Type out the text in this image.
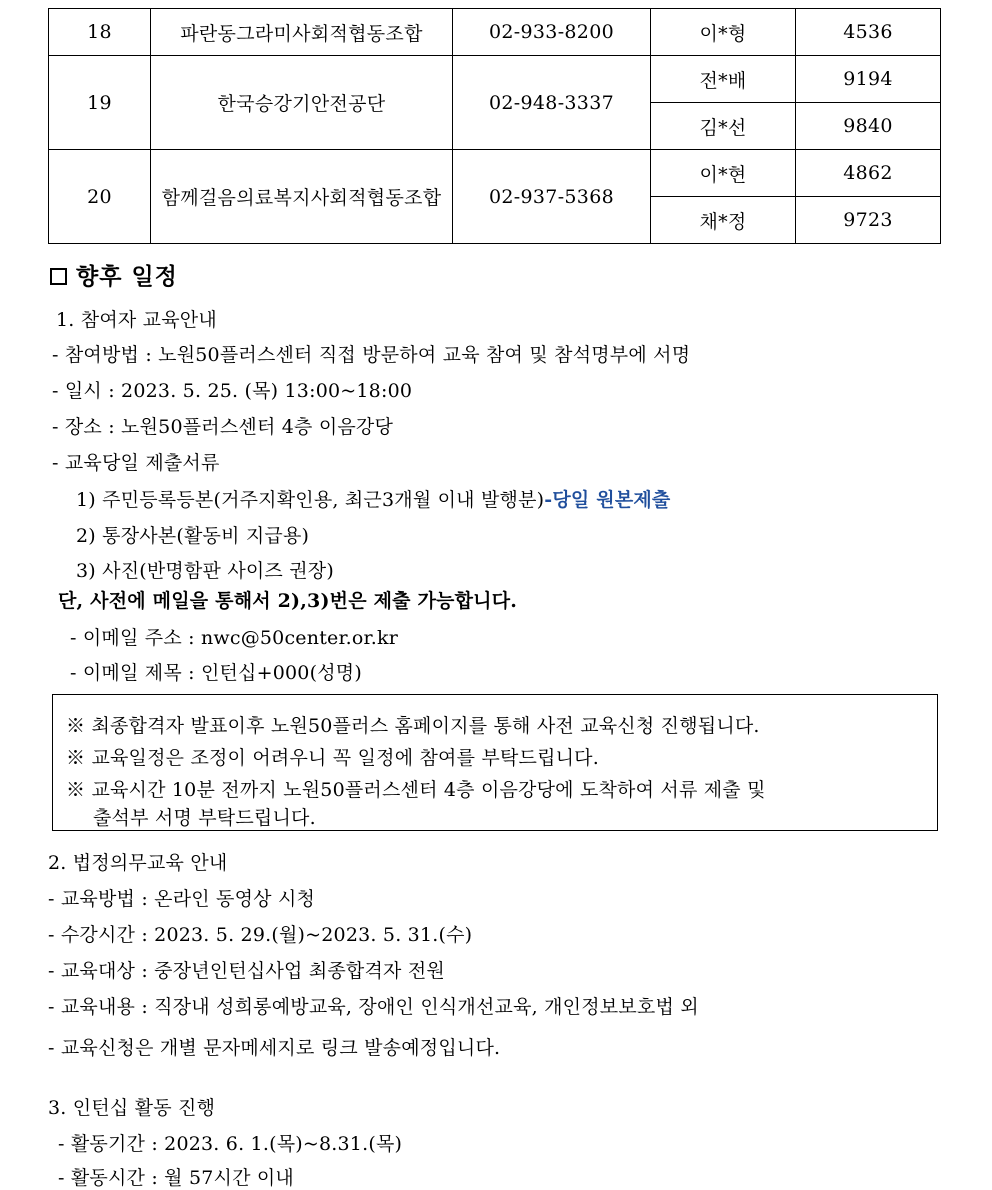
18	파란동그라미사회적협동조합	02-933-8200	이*형	4536
19	한국승강기안전공단	02-948-3337	전*배	9194
			김*선	9840
20	함께걸음의료복지사회적협동조합	02-937-5368	이*현	4862
			채*정	9723
향후 일정
1. 참여자 교육안내
- 참여방법 : 노원50플러스센터 직접 방문하여 교육 참여 및 참석명부에 서명
- 일시 : 2023. 5. 25. (목) 13:00~18:00
- 장소 : 노원50플러스센터 4층 이음강당
- 교육당일 제출서류
1) 주민등록등본(거주지확인용, 최근3개월 이내 발행분)-당일 원본제출
2) 통장사본(활동비 지급용)
3) 사진(반명함판 사이즈 권장)
단, 사전에 메일을 통해서 2),3)번은 제출 가능합니다.
- 이메일 주소 : nwc@50center.or.kr
- 이메일 제목 : 인턴십+000(성명)
※ 최종합격자 발표이후 노원50플러스 홈페이지를 통해 사전 교육신청 진행됩니다.
※ 교육일정은 조정이 어려우니 꼭 일정에 참여를 부탁드립니다.
※ 교육시간 10분 전까지 노원50플러스센터 4층 이음강당에 도착하여 서류 제출 및
출석부 서명 부탁드립니다.
2. 법정의무교육 안내
- 교육방법 : 온라인 동영상 시청
- 수강시간 : 2023. 5. 29.(월)~2023. 5. 31.(수)
- 교육대상 : 중장년인턴십사업 최종합격자 전원
- 교육내용 : 직장내 성희롱예방교육, 장애인 인식개선교육, 개인정보보호법 외
- 교육신청은 개별 문자메세지로 링크 발송예정입니다.
3. 인턴십 활동 진행
- 활동기간 : 2023. 6. 1.(목)~8.31.(목)
- 활동시간 : 월 57시간 이내
